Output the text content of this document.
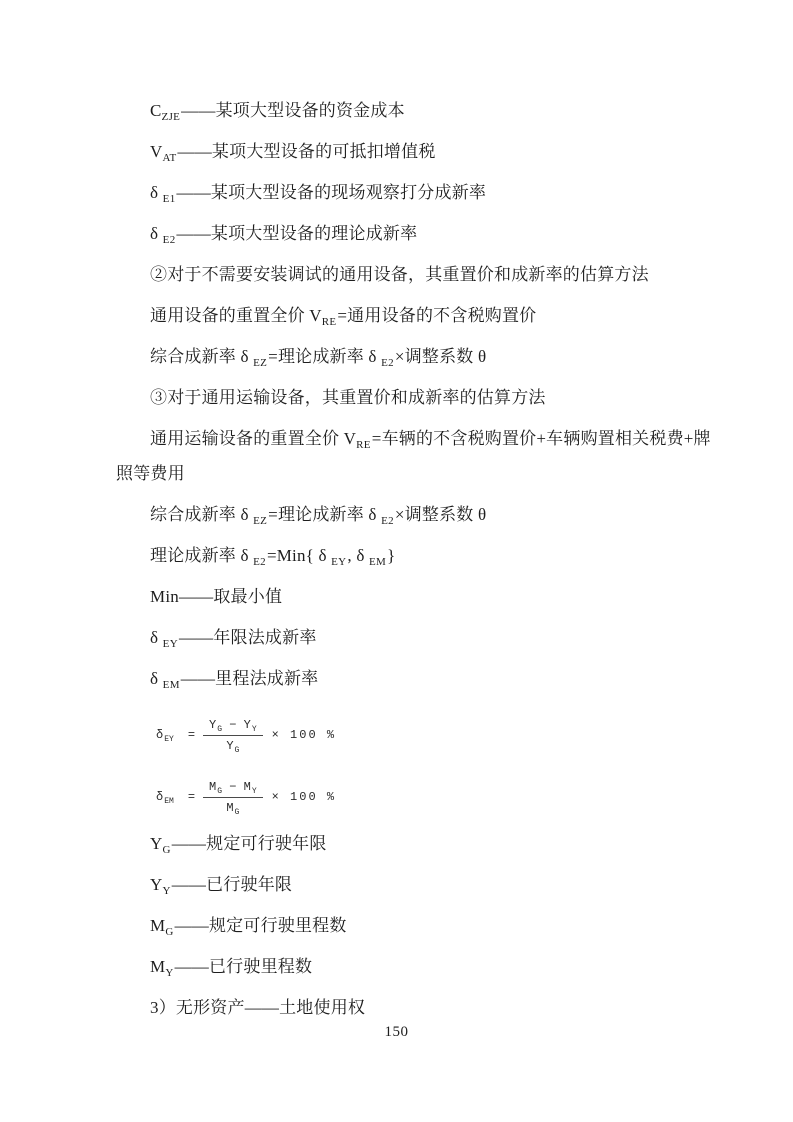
$C_{ZJE}——$某项大型设备的资金成本
$V_{AT}——$某项大型设备的可抵扣增值税
δ $_{E1}$——某项大型设备的现场观察打分成新率
δ $_{E2}$——某项大型设备的理论成新率
②对于不需要安装调试的通用设备，其重置价和成新率的估算方法
通用设备的重置全价 $V_{RE}=$通用设备的不含税购置价
综合成新率 δ $_{EZ}$=理论成新率 δ $_{E2}$×调整系数 θ
③对于通用运输设备，其重置价和成新率的估算方法
通用运输设备的重置全价 $V_{RE}=$车辆的不含税购置价+车辆购置相关税费+牌
照等费用
综合成新率 δ $_{EZ}$=理论成新率 δ $_{E2}$×调整系数 θ
理论成新率 δ $_{E2}$=Min{ δ $_{EY}$, δ $_{EM}$}
Min——取最小值
δ $_{EY}$——年限法成新率
δ $_{EM}$——里程法成新率
$\delta_{EY} = \frac{Y_G - Y_Y}{Y_G} \times 100$ %
$\delta_{EM} = \frac{M_G - M_Y}{M_G} \times 100$ %
$Y_G——$规定可行驶年限
$Y_Y——$已行驶年限
$M_G——$规定可行驶里程数
$M_Y——$已行驶里程数
3）无形资产——土地使用权
150
